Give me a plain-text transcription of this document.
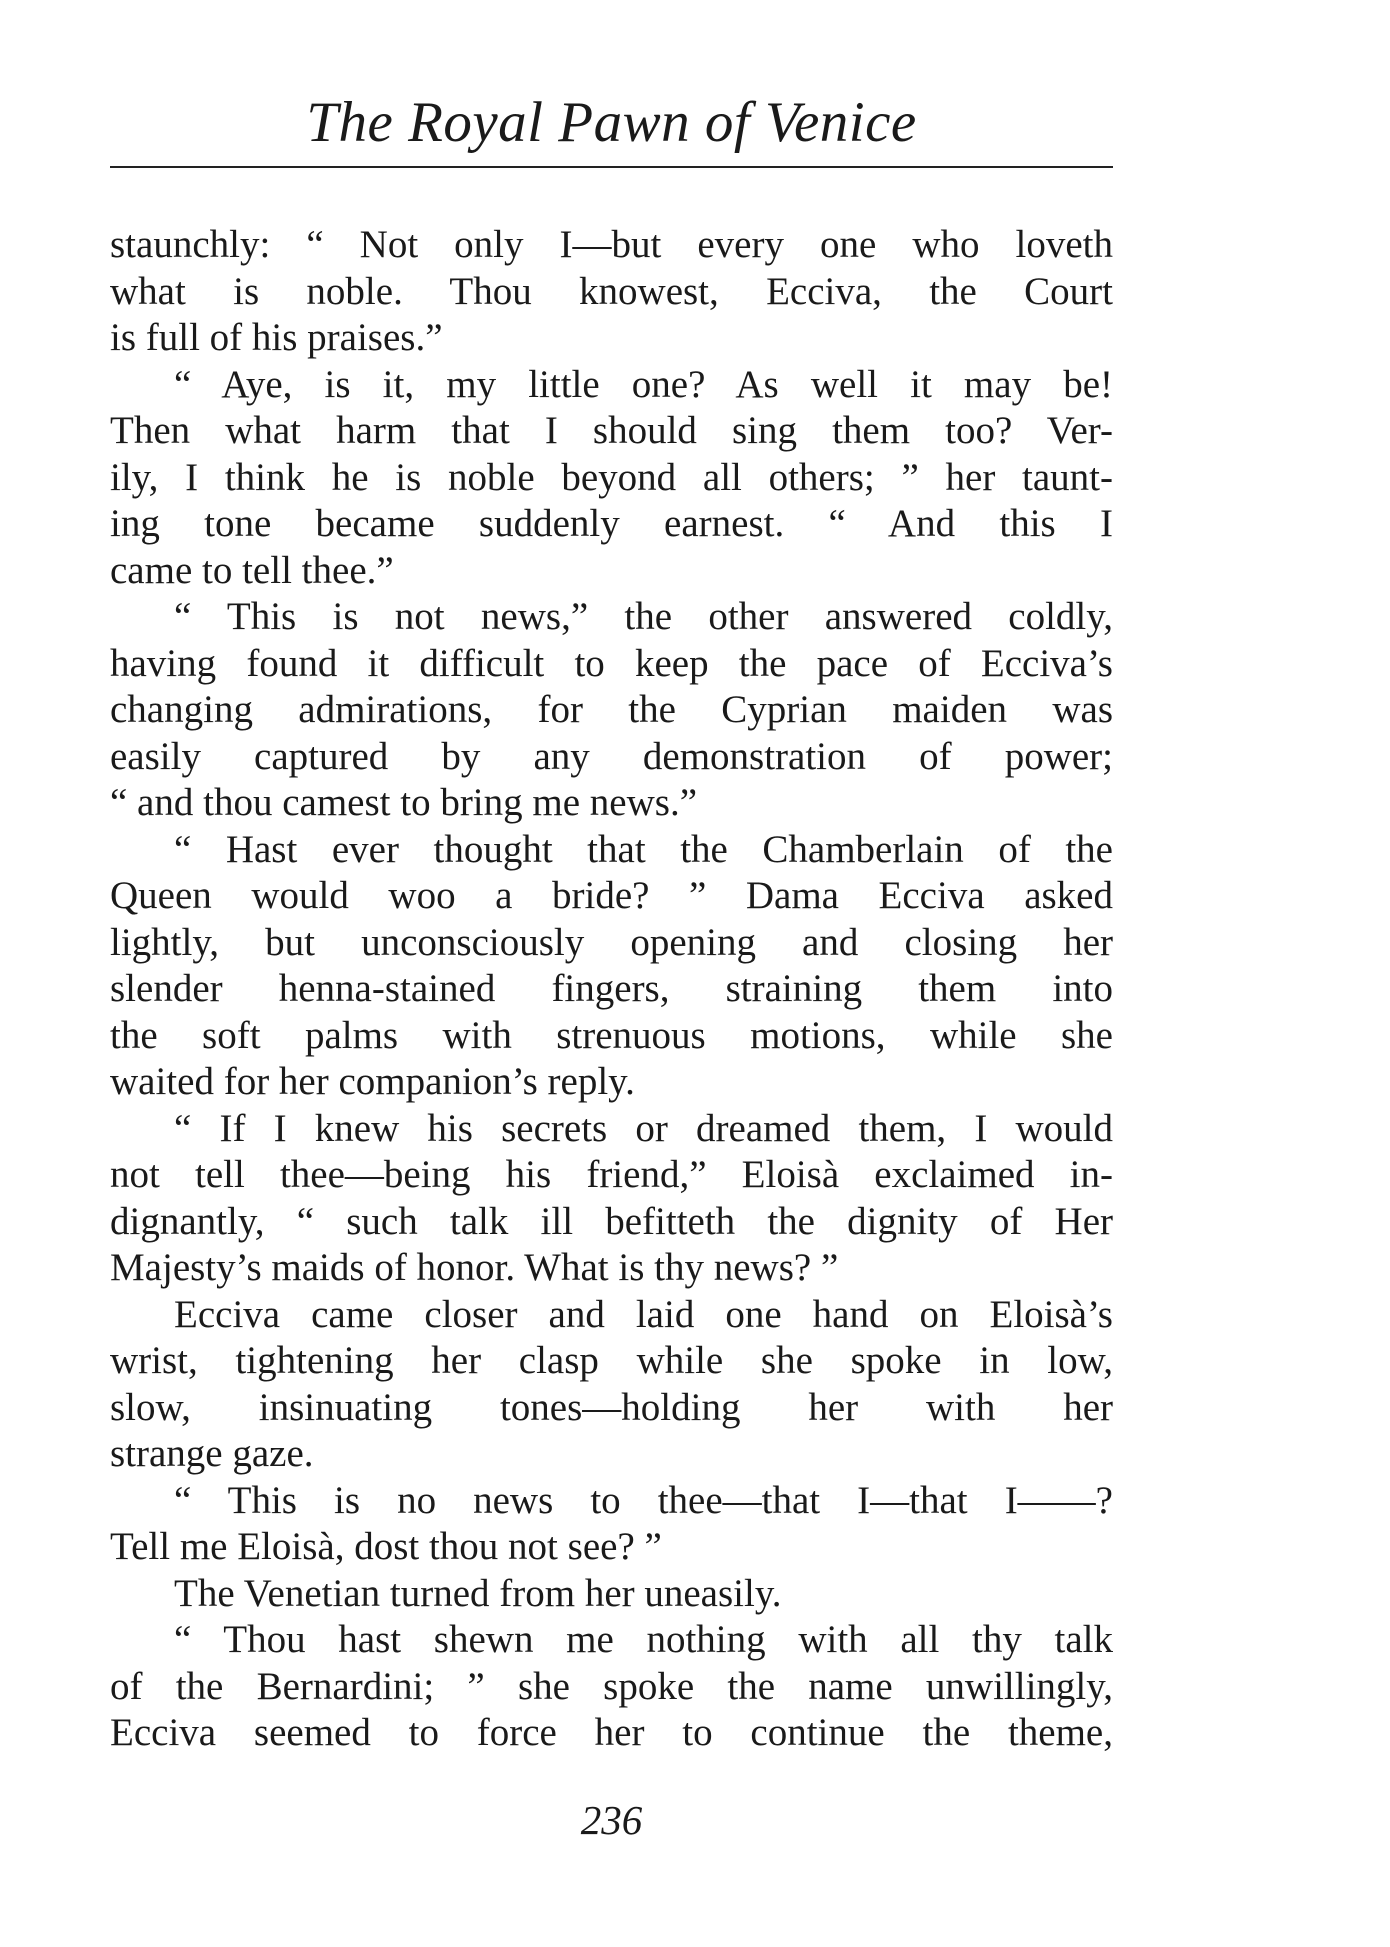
The Royal Pawn of Venice
staunchly: “ Not only I—but every one who loveth
what is noble. Thou knowest, Ecciva, the Court
is full of his praises.”
“ Aye, is it, my little one? As well it may be!
Then what harm that I should sing them too? Ver-
ily, I think he is noble beyond all others; ” her taunt-
ing tone became suddenly earnest. “ And this I
came to tell thee.”
“ This is not news,” the other answered coldly,
having found it difficult to keep the pace of Ecciva’s
changing admirations, for the Cyprian maiden was
easily captured by any demonstration of power;
“ and thou camest to bring me news.”
“ Hast ever thought that the Chamberlain of the
Queen would woo a bride? ” Dama Ecciva asked
lightly, but unconsciously opening and closing her
slender henna-stained fingers, straining them into
the soft palms with strenuous motions, while she
waited for her companion’s reply.
“ If I knew his secrets or dreamed them, I would
not tell thee—being his friend,” Eloisà exclaimed in-
dignantly, “ such talk ill befitteth the dignity of Her
Majesty’s maids of honor. What is thy news? ”
Ecciva came closer and laid one hand on Eloisà’s
wrist, tightening her clasp while she spoke in low,
slow, insinuating tones—holding her with her
strange gaze.
“ This is no news to thee—that I—that I——?
Tell me Eloisà, dost thou not see? ”
The Venetian turned from her uneasily.
“ Thou hast shewn me nothing with all thy talk
of the Bernardini; ” she spoke the name unwillingly,
Ecciva seemed to force her to continue the theme,
236
